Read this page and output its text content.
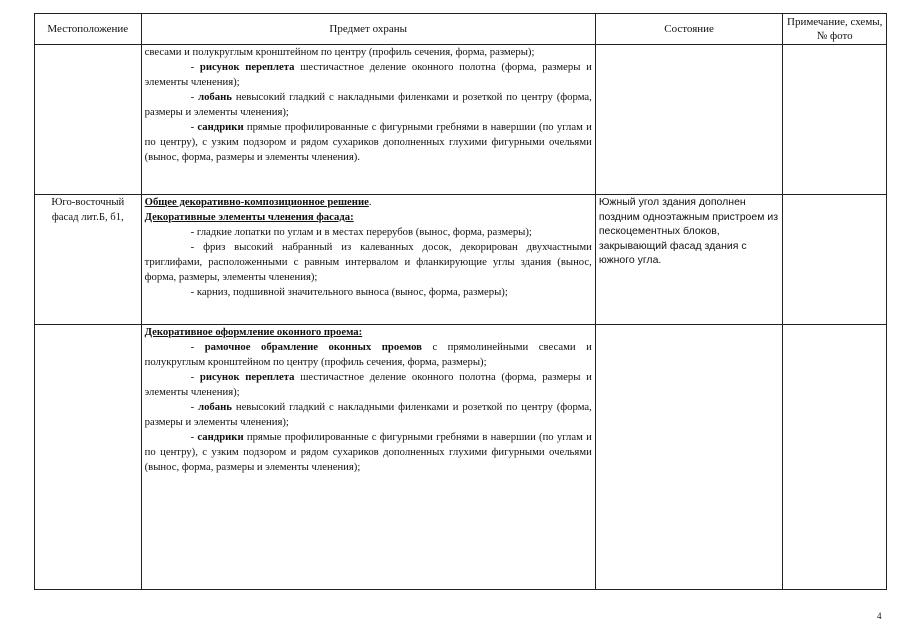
Местоположение	Предмет охраны	Состояние	Примечание, схемы, № фото

	свесами и полукруглым кронштейном по центру (профиль сечения, форма, размеры);

- рисунок переплета шестичастное деление оконного полотна (форма, размеры и элементы членения);

- лобань невысокий гладкий с накладными филенками и розеткой по центру (форма, размеры и элементы членения);

- сандрики прямые профилированные с фигурными гребнями в навершии (по углам и по центру), с узким подзором и рядом сухариков дополненных глухими фигурными очельями (вынос, форма, размеры и элементы членения).		

Юго-восточный фасад лит.Б, б1,	Общее декоративно-композиционное решение.

Декоративные элементы членения фасада:

- гладкие лопатки по углам и в местах перерубов (вынос, форма, размеры);

- фриз высокий набранный из калеванных досок, декорирован двухчастными триглифами, расположенными с равным интервалом и фланкирующие углы здания (вынос, форма, размеры, элементы членения);

- карниз, подшивной значительного выноса (вынос, форма, размеры);	Южный угол здания дополнен поздним одноэтажным пристроем из пескоцементных блоков, закрывающий фасад здания с южного угла.	

	Декоративное оформление оконного проема:

- рамочное обрамление оконных проемов с прямолинейными свесами и полукруглым кронштейном по центру (профиль сечения, форма, размеры);

- рисунок переплета шестичастное деление оконного полотна (форма, размеры и элементы членения);

- лобань невысокий гладкий с накладными филенками и розеткой по центру (форма, размеры и элементы членения);

- сандрики прямые профилированные с фигурными гребнями в навершии (по углам и по центру), с узким подзором и рядом сухариков дополненных глухими фигурными очельями (вынос, форма, размеры и элементы членения);		

4
